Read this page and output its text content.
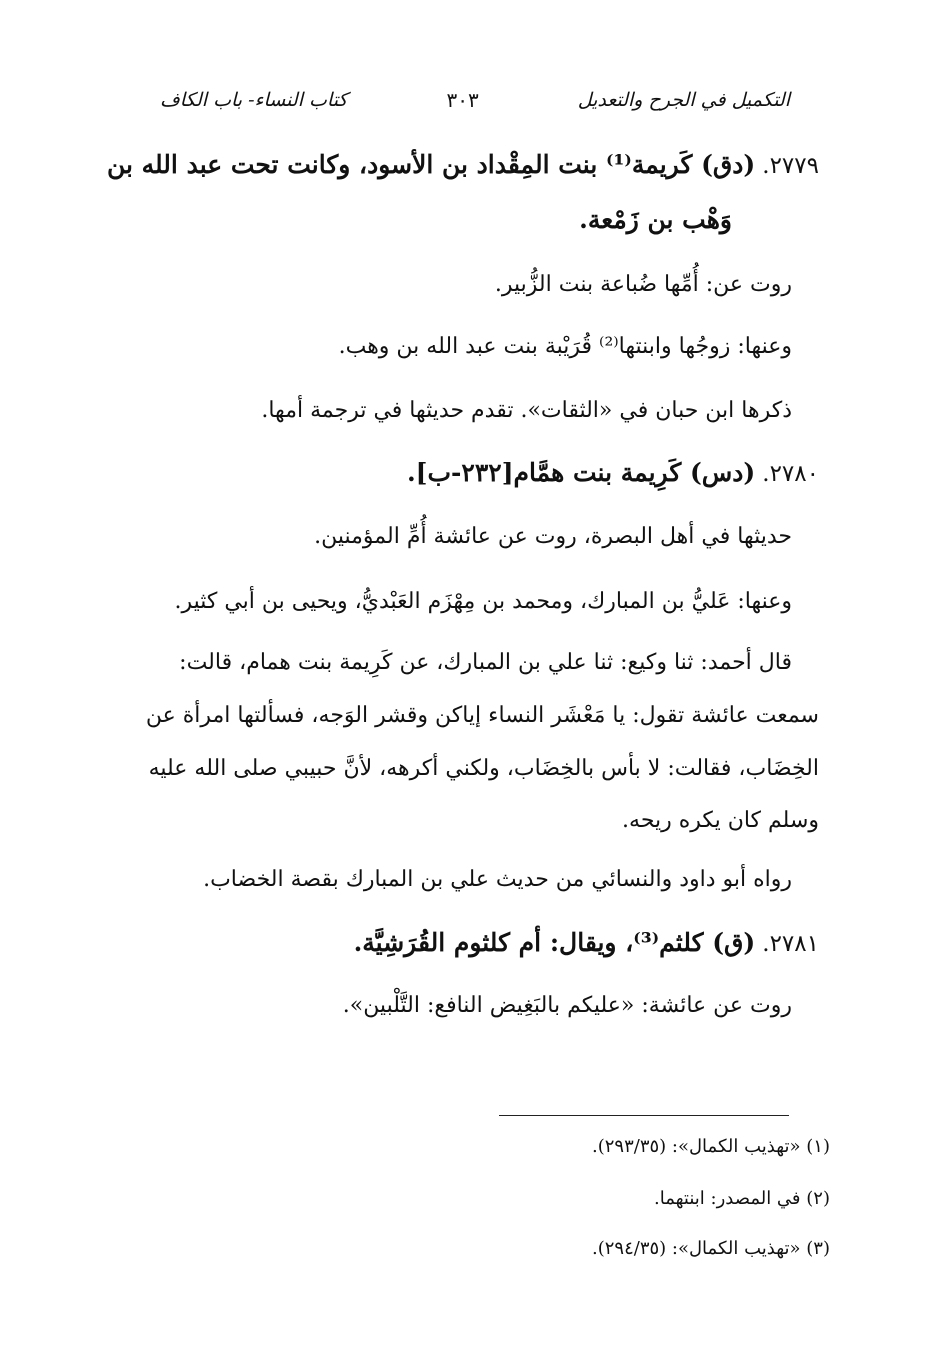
التكميل في الجرح والتعديل
٣٠٣
كتاب النساء- باب الكاف
٢٧٧٩. (دق) كَريمة⁽¹⁾ بنت المِقْداد بن الأسود، وكانت تحت عبد الله بن
وَهْب بن زَمْعة.
روت عن: أُمِّها ضُباعة بنت الزُّبير.
وعنها: زوجُها وابنتها⁽²⁾ قُرَيْبة بنت عبد الله بن وهب.
ذكرها ابن حبان في «الثقات». تقدم حديثها في ترجمة أمها.
٢٧٨٠. (دس) كَرِيمة بنت همَّام[٢٣٢-ب].
حديثها في أهل البصرة، روت عن عائشة أُمِّ المؤمنين.
وعنها: عَليُّ بن المبارك، ومحمد بن مِهْزَم العَبْديُّ، ويحيى بن أبي كثير.
قال أحمد: ثنا وكيع: ثنا علي بن المبارك، عن كَرِيمة بنت همام، قالت:
سمعت عائشة تقول: يا مَعْشَر النساء إياكن وقشر الوَجه، فسألتها امرأة عن
الخِضَاب، فقالت: لا بأس بالخِضَاب، ولكني أكرهه، لأنَّ حبيبي صلى الله عليه
وسلم كان يكره ريحه.
رواه أبو داود والنسائي من حديث علي بن المبارك بقصة الخضاب.
٢٧٨١. (ق) كلثم⁽³⁾، ويقال: أم كلثوم القُرَشِيَّة.
روت عن عائشة: «عليكم بالبَغِيض النافع: التَّلْبين».
(١) «تهذيب الكمال»: (٢٩٣/٣٥).
(٢) في المصدر: ابنتهما.
(٣) «تهذيب الكمال»: (٢٩٤/٣٥).
